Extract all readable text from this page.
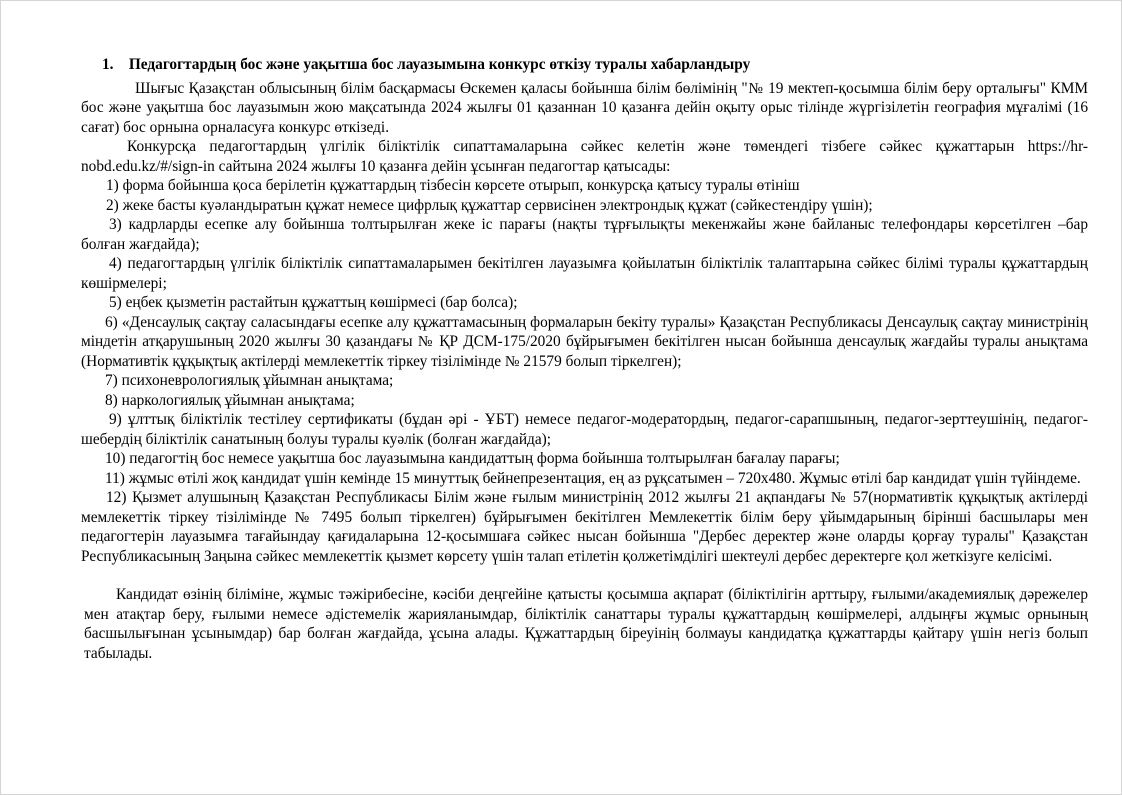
1. Педагогтардың бос және уақытша бос лауазымына конкурс өткізу туралы хабарландыру

Шығыс Қазақстан облысының білім басқармасы Өскемен қаласы бойынша білім бөлімінің "№ 19 мектеп-қосымша білім беру орталығы" КММ бос және уақытша бос лауазымын жою мақсатында 2024 жылғы 01 қазаннан 10 қазанға дейін оқыту орыс тілінде жүргізілетін география мұғалімі (16 сағат) бос орнына орналасуға конкурс өткізеді.

Конкурсқа педагогтардың үлгілік біліктілік сипаттамаларына сәйкес келетін және төмендегі тізбеге сәйкес құжаттарын https://hr-nobd.edu.kz/#/sign-in сайтына 2024 жылғы 10 қазанға дейін ұсынған педагогтар қатысады:

1) форма бойынша қоса берілетін құжаттардың тізбесін көрсете отырып, конкурсқа қатысу туралы өтініш

2) жеке басты куәландыратын құжат немесе цифрлық құжаттар сервисінен электрондық құжат (сәйкестендіру үшін);

3) кадрларды есепке алу бойынша толтырылған жеке іс парағы (нақты тұрғылықты мекенжайы және байланыс телефондары көрсетілген –бар болған жағдайда);

4) педагогтардың үлгілік біліктілік сипаттамаларымен бекітілген лауазымға қойылатын біліктілік талаптарына сәйкес білімі туралы құжаттардың көшірмелері;

5) еңбек қызметін растайтын құжаттың көшірмесі (бар болса);

6) «Денсаулық сақтау саласындағы есепке алу құжаттамасының формаларын бекіту туралы» Қазақстан Республикасы Денсаулық сақтау министрінің міндетін атқарушының 2020 жылғы 30 қазандағы № ҚР ДСМ-175/2020 бұйрығымен бекітілген нысан бойынша денсаулық жағдайы туралы анықтама (Нормативтік құқықтық актілерді мемлекеттік тіркеу тізілімінде № 21579 болып тіркелген);

7) психоневрологиялық ұйымнан анықтама;

8) наркологиялық ұйымнан анықтама;

9) ұлттық біліктілік тестілеу сертификаты (бұдан әрі - ҰБТ) немесе педагог-модератордың, педагог-сарапшының, педагог-зерттеушінің, педагог-шебердің біліктілік санатының болуы туралы куәлік (болған жағдайда);

10) педагогтің бос немесе уақытша бос лауазымына кандидаттың форма бойынша толтырылған бағалау парағы;

11) жұмыс өтілі жоқ кандидат үшін кемінде 15 минуттық бейнепрезентация, ең аз рұқсатымен – 720x480. Жұмыс өтілі бар кандидат үшін түйіндеме.

12) Қызмет алушының Қазақстан Республикасы Білім және ғылым министрінің 2012 жылғы 21 ақпандағы № 57(нормативтік құқықтық актілерді мемлекеттік тіркеу тізілімінде № 7495 болып тіркелген) бұйрығымен бекітілген Мемлекеттік білім беру ұйымдарының бірінші басшылары мен педагогтерін лауазымға тағайындау қағидаларына 12-қосымшаға сәйкес нысан бойынша "Дербес деректер және оларды қорғау туралы" Қазақстан Республикасының Заңына сәйкес мемлекеттік қызмет көрсету үшін талап етілетін қолжетімділігі шектеулі дербес деректерге қол жеткізуге келісімі.

Кандидат өзінің біліміне, жұмыс тәжірибесіне, кәсіби деңгейіне қатысты қосымша ақпарат (біліктілігін арттыру, ғылыми/академиялық дәрежелер мен атақтар беру, ғылыми немесе әдістемелік жарияланымдар, біліктілік санаттары туралы құжаттардың көшірмелері, алдыңғы жұмыс орнының басшылығынан ұсынымдар) бар болған жағдайда, ұсына алады. Құжаттардың біреуінің болмауы кандидатқа құжаттарды қайтару үшін негіз болып табылады.
